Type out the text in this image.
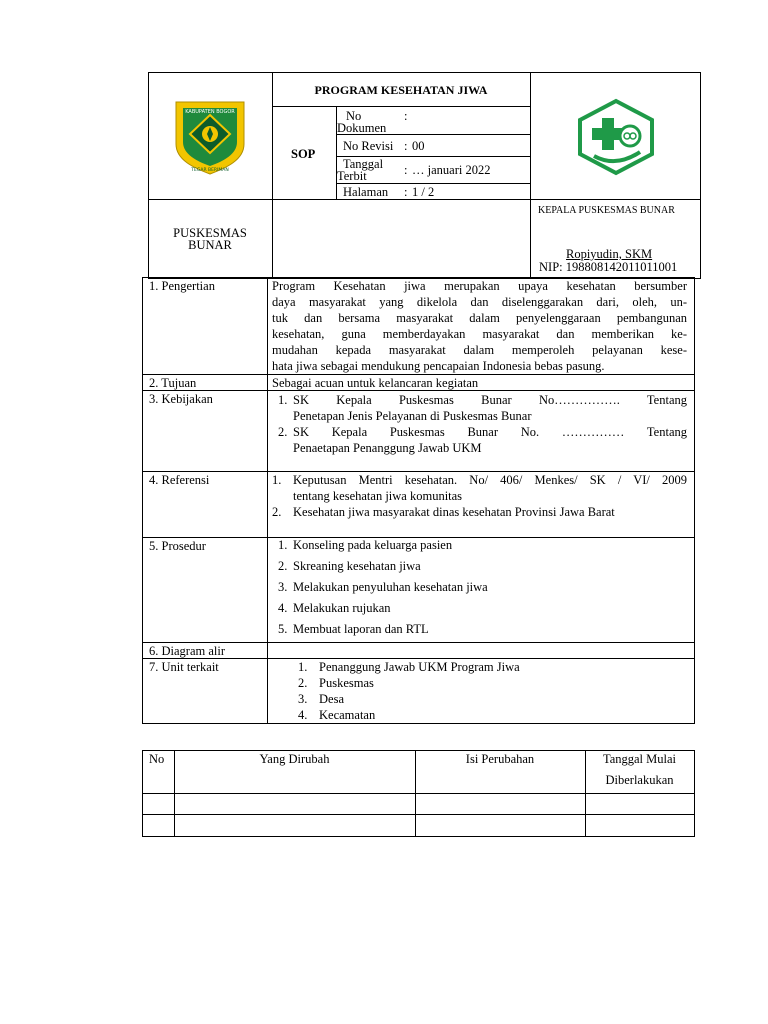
KABUPATEN BOGOR
TEGAR BERIMAN
PROGRAM KESEHATAN JIWA
SOP
No	:
Dokumen
No Revisi : 00
Tanggal : … januari 2022
Terbit
Halaman : 1 / 2
PUSKESMAS
BUNAR
KEPALA PUSKESMAS BUNAR
Ropiyudin, SKM
NIP: 198808142011011001
1. Pengertian	Program Kesehatan jiwa merupakan upaya kesehatan bersumber
daya masyarakat yang dikelola dan diselenggarakan dari, oleh, un-
tuk dan bersama masyarakat dalam penyelenggaraan pembangunan
kesehatan, guna memberdayakan masyarakat dan memberikan ke-
mudahan kepada masyarakat dalam memperoleh pelayanan kese-
hata jiwa sebagai mendukung pencapaian Indonesia bebas pasung.
2. Tujuan	Sebagai acuan untuk kelancaran kegiatan
3. Kebijakan	1. SK Kepala Puskesmas Bunar No……………. Tentang
Penetapan Jenis Pelayanan di Puskesmas Bunar
2. SK Kepala Puskesmas Bunar No. …………… Tentang
Penaetapan Penanggung Jawab UKM
4. Referensi	1. Keputusan Mentri kesehatan. No/ 406/ Menkes/ SK / VI/ 2009
tentang kesehatan jiwa komunitas
2. Kesehatan jiwa masyarakat dinas kesehatan Provinsi Jawa Barat
5. Prosedur	1. Konseling pada keluarga pasien
2. Skreaning kesehatan jiwa
3. Melakukan penyuluhan kesehatan jiwa
4. Melakukan rujukan
5. Membuat laporan dan RTL
6. Diagram alir
7. Unit terkait	1. Penanggung Jawab UKM Program Jiwa
2. Puskesmas
3. Desa
4. Kecamatan
No	Yang Dirubah	Isi Perubahan	Tanggal Mulai
Diberlakukan
